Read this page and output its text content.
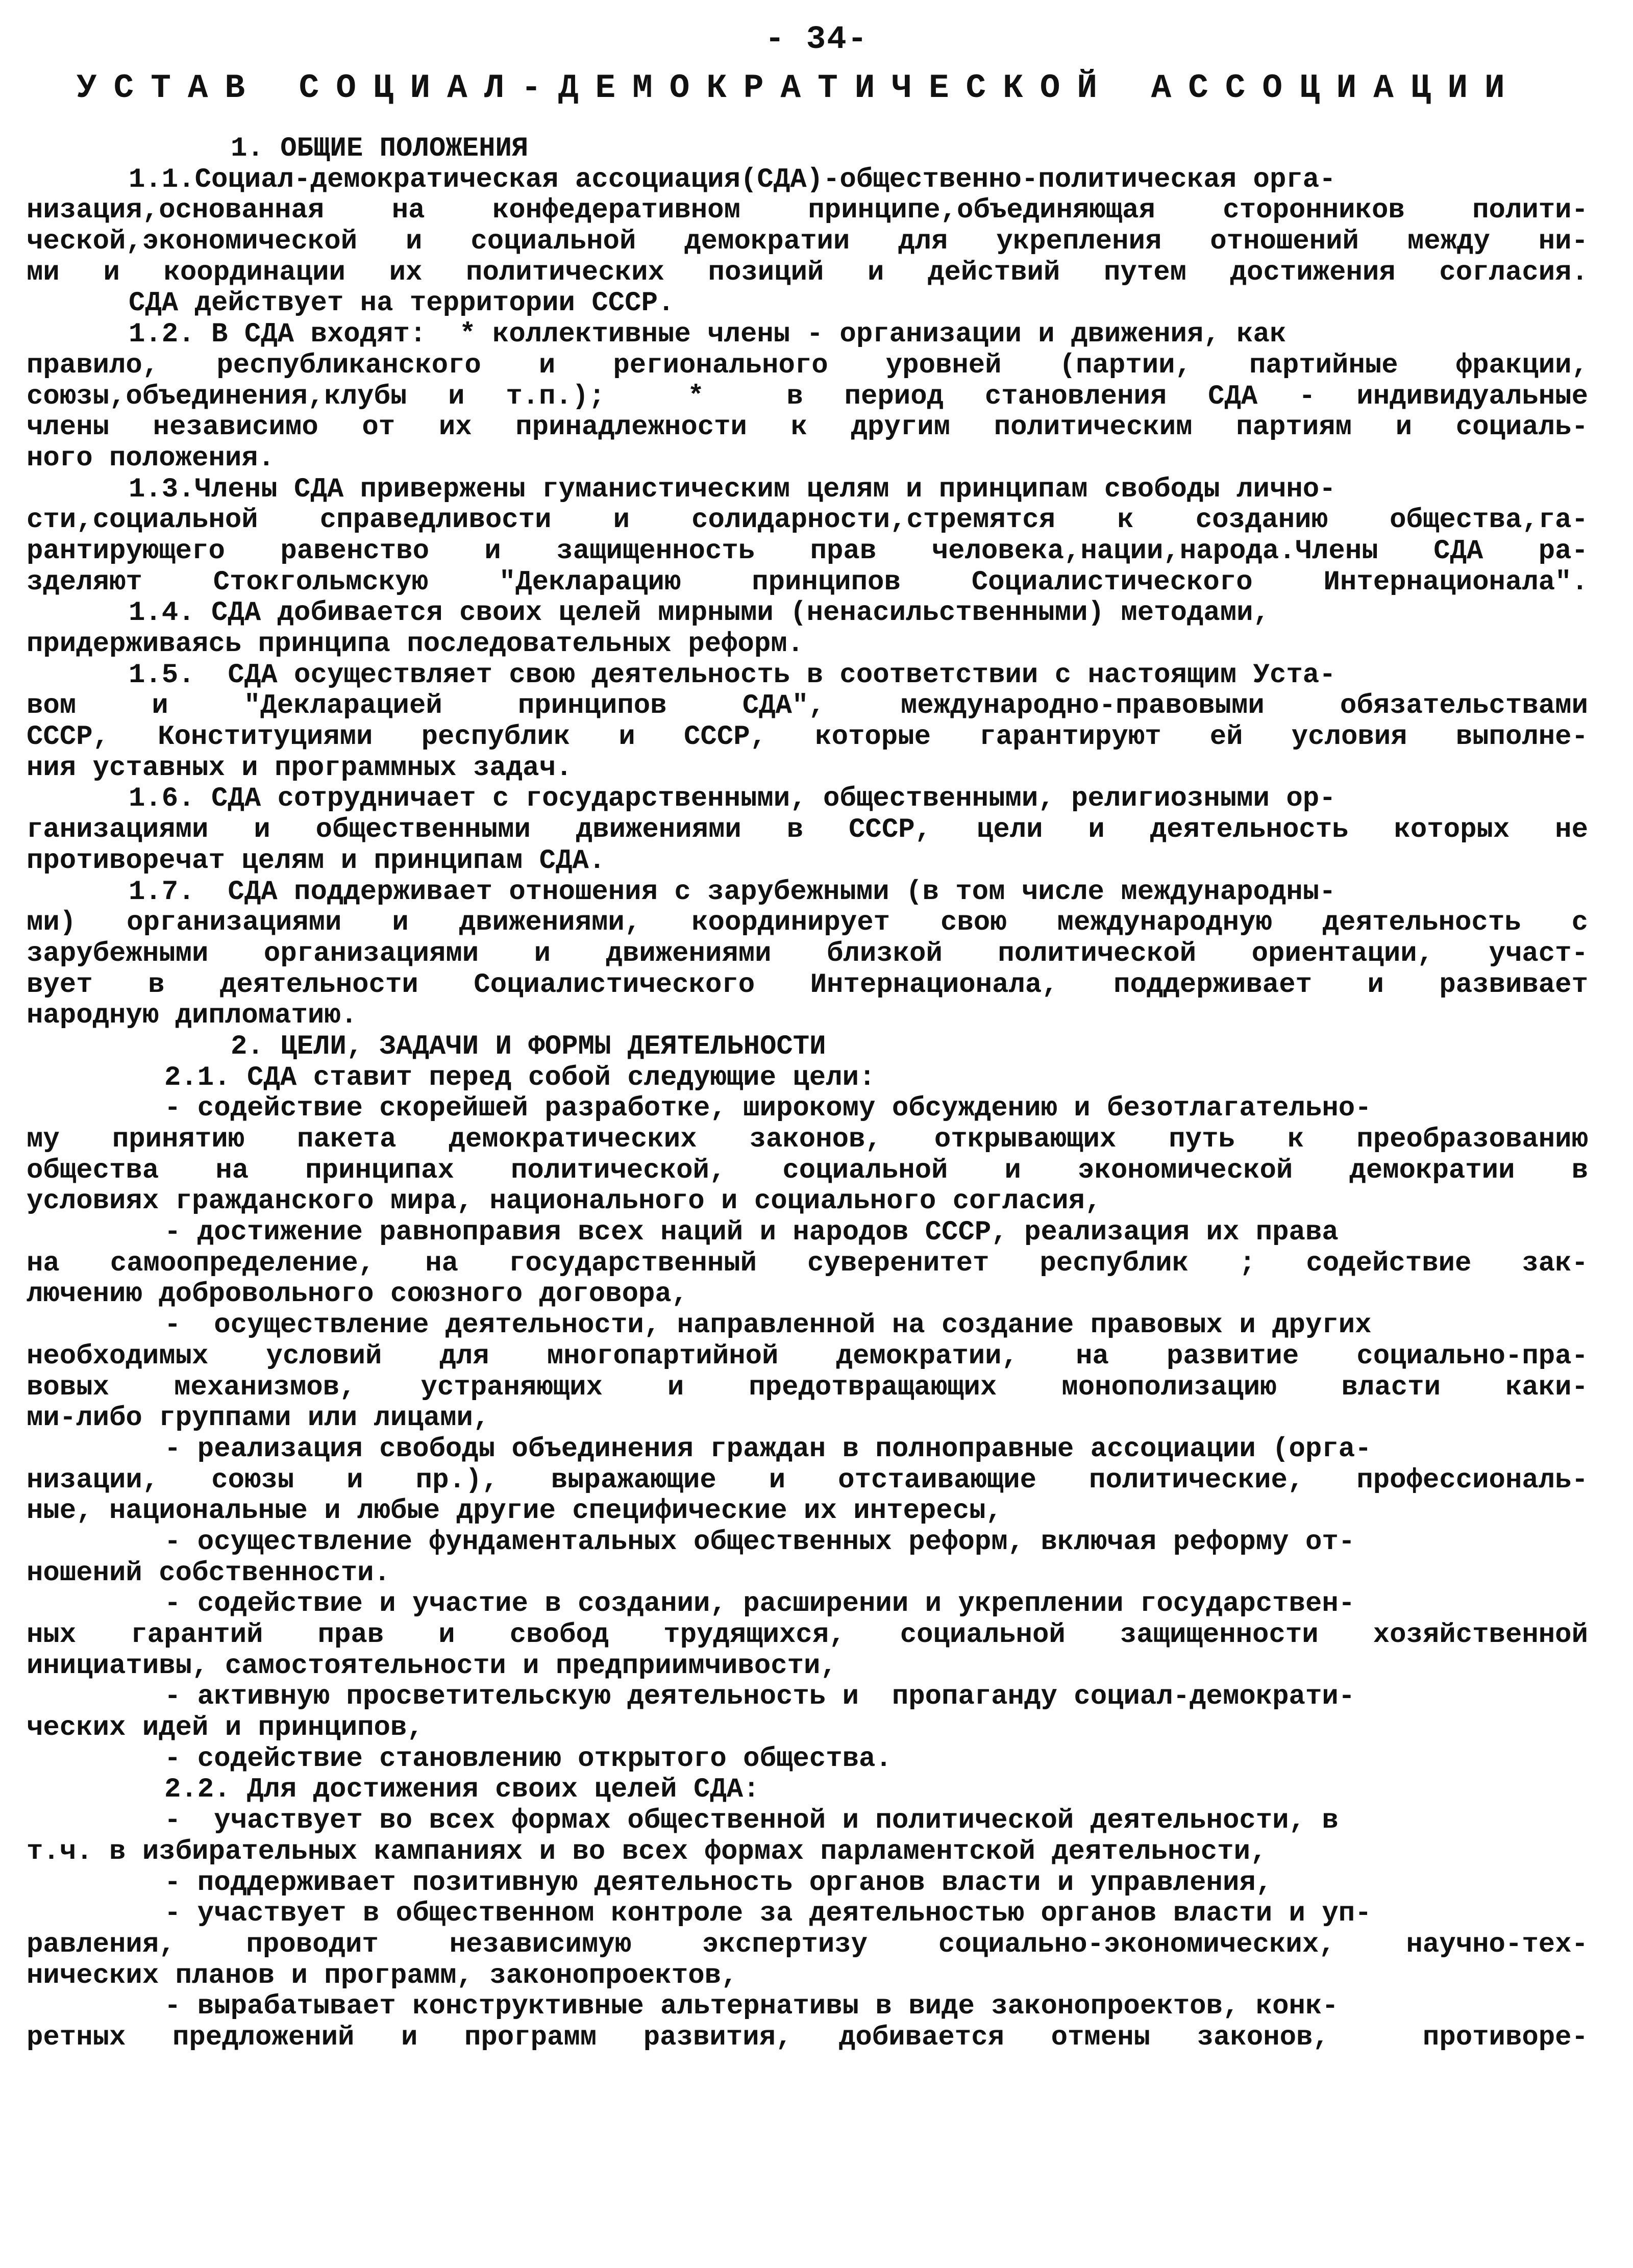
- 34-
УСТАВ СОЦИАЛ-ДЕМОКРАТИЧЕСКОЙ АССОЦИАЦИИ
1. ОБЩИЕ ПОЛОЖЕНИЯ
1.1.Социал-демократическая ассоциация(СДА)-общественно-политическая орга-
низация,основанная на конфедеративном принципе,объединяющая сторонников полити-
ческой,экономической и социальной демократии для укрепления отношений между ни-
ми и координации их политических позиций и действий путем достижения согласия.
СДА действует на территории СССР.
1.2. В СДА входят:  * коллективные члены - организации и движения, как
правило, республиканского и регионального уровней (партии, партийные фракции,
союзы,объединения,клубы и т.п.);  *  в период становления СДА - индивидуальные
члены независимо от их принадлежности к другим политическим партиям и социаль-
ного положения.
1.3.Члены СДА привержены гуманистическим целям и принципам свободы лично-
сти,социальной справедливости и солидарности,стремятся к созданию общества,га-
рантирующего равенство и защищенность прав человека,нации,народа.Члены СДА ра-
зделяют Стокгольмскую "Декларацию принципов Социалистического Интернационала".
1.4. СДА добивается своих целей мирными (ненасильственными) методами,
придерживаясь принципа последовательных реформ.
1.5.  СДА осуществляет свою деятельность в соответствии с настоящим Уста-
вом и "Декларацией принципов СДА", международно-правовыми обязательствами
СССР, Конституциями республик и СССР, которые гарантируют ей условия выполне-
ния уставных и программных задач.
1.6. СДА сотрудничает с государственными, общественными, религиозными ор-
ганизациями и общественными движениями в СССР, цели и деятельность которых не
противоречат целям и принципам СДА.
1.7.  СДА поддерживает отношения с зарубежными (в том числе международны-
ми) организациями и движениями, координирует свою международную деятельность с
зарубежными организациями и движениями близкой политической ориентации, участ-
вует в деятельности Социалистического Интернационала, поддерживает и развивает
народную дипломатию.
2. ЦЕЛИ, ЗАДАЧИ И ФОРМЫ ДЕЯТЕЛЬНОСТИ
2.1. СДА ставит перед собой следующие цели:
- содействие скорейшей разработке, широкому обсуждению и безотлагательно-
му принятию пакета демократических законов, открывающих путь к преобразованию
общества на принципах политической, социальной и экономической демократии в
условиях гражданского мира, национального и социального согласия,
- достижение равноправия всех наций и народов СССР, реализация их права
на самоопределение, на государственный суверенитет республик ; содействие зак-
лючению добровольного союзного договора,
-  осуществление деятельности, направленной на создание правовых и других
необходимых условий для многопартийной демократии, на развитие социально-пра-
вовых механизмов, устраняющих и предотвращающих монополизацию власти каки-
ми-либо группами или лицами,
- реализация свободы объединения граждан в полноправные ассоциации (орга-
низации, союзы и пр.), выражающие и отстаивающие политические, профессиональ-
ные, национальные и любые другие специфические их интересы,
- осуществление фундаментальных общественных реформ, включая реформу от-
ношений собственности.
- содействие и участие в создании, расширении и укреплении государствен-
ных гарантий прав и свобод трудящихся, социальной защищенности хозяйственной
инициативы, самостоятельности и предприимчивости,
- активную просветительскую деятельность и  пропаганду социал-демократи-
ческих идей и принципов,
- содействие становлению открытого общества.
2.2. Для достижения своих целей СДА:
-  участвует во всех формах общественной и политической деятельности, в
т.ч. в избирательных кампаниях и во всех формах парламентской деятельности,
- поддерживает позитивную деятельность органов власти и управления,
- участвует в общественном контроле за деятельностью органов власти и уп-
равления, проводит независимую экспертизу социально-экономических, научно-тех-
нических планов и программ, законопроектов,
- вырабатывает конструктивные альтернативы в виде законопроектов, конк-
ретных предложений и программ развития, добивается отмены законов,  противоре-
